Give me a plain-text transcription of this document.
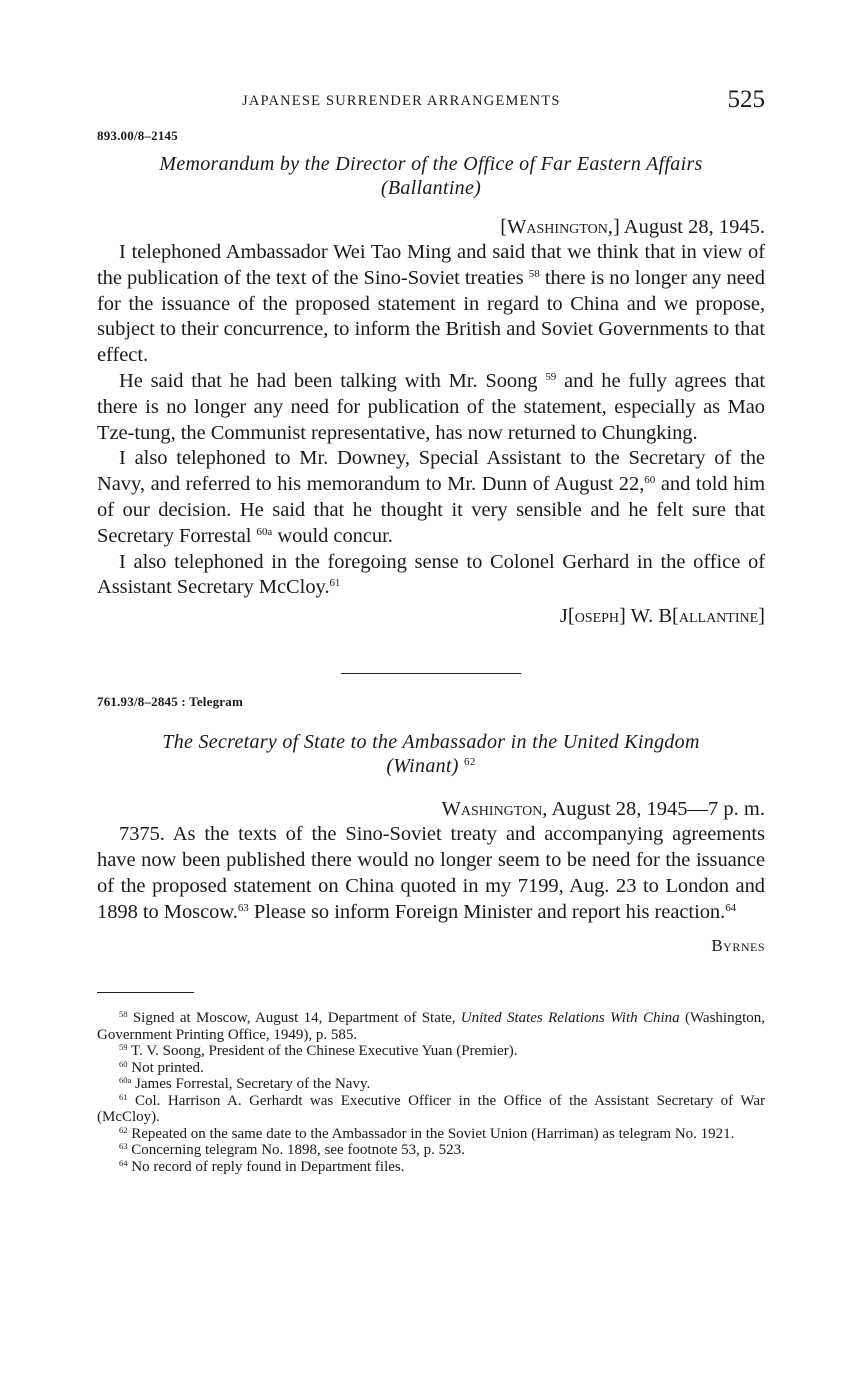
JAPANESE SURRENDER ARRANGEMENTS	525
893.00/8–2145
Memorandum by the Director of the Office of Far Eastern Affairs
(Ballantine)
[Washington,] August 28, 1945.

I telephoned Ambassador Wei Tao Ming and said that we think that in view of the publication of the text of the Sino-Soviet treaties $^{58}$ there is no longer any need for the issuance of the proposed statement in regard to China and we propose, subject to their concurrence, to inform the British and Soviet Governments to that effect.

He said that he had been talking with Mr. Soong $^{59}$ and he fully agrees that there is no longer any need for publication of the statement, especially as Mao Tze-tung, the Communist representative, has now returned to Chungking.

I also telephoned to Mr. Downey, Special Assistant to the Secretary of the Navy, and referred to his memorandum to Mr. Dunn of August 22,60 and told him of our decision. He said that he thought it very sensible and he felt sure that Secretary Forrestal $^{60a}$ would concur.

I also telephoned in the foregoing sense to Colonel Gerhard in the office of Assistant Secretary McCloy.$^{61}$

J[oseph] W. B[allantine]
761.93/8–2845 : Telegram
The Secretary of State to the Ambassador in the United Kingdom
(Winant) $^{62}$
Washington, August 28, 1945—7 p. m.

7375. As the texts of the Sino-Soviet treaty and accompanying agreements have now been published there would no longer seem to be need for the issuance of the proposed statement on China quoted in my 7199, Aug. 23 to London and 1898 to Moscow.$^{63}$ Please so inform Foreign Minister and report his reaction.$^{64}$

Byrnes

$^{58}$ Signed at Moscow, August 14, Department of State, United States Relations With China (Washington, Government Printing Office, 1949), p. 585.

$^{59}$ T. V. Soong, President of the Chinese Executive Yuan (Premier).

$^{60}$ Not printed.

$^{60a}$ James Forrestal, Secretary of the Navy.

$^{61}$ Col. Harrison A. Gerhardt was Executive Officer in the Office of the Assistant Secretary of War (McCloy).

$^{62}$ Repeated on the same date to the Ambassador in the Soviet Union (Harriman) as telegram No. 1921.

$^{63}$ Concerning telegram No. 1898, see footnote 53, p. 523.

$^{64}$ No record of reply found in Department files.
